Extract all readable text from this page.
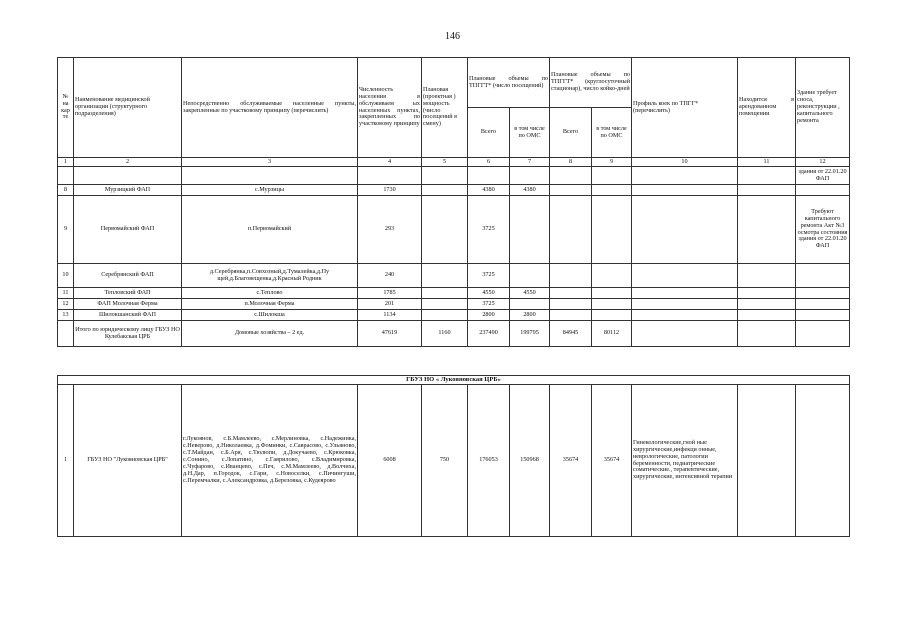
146
№ на кар те	Наименование медицинской организации (структурного подразделения)	Непосредственно обслуживаемые населенные пункты, закрепленные по участковому принципу (перечислить)	Численность населения в обслуживаем ых населенных пунктах, закрепленных по участковому принципу	Плановая (проектная ) мощность (число посещений в смену)	Плановые объемы по ТПГГТ* (число посещений)		Плановые объемы по ТПГГТ* (круглосуточный стационар), число койко-дней		Профиль коек по ТПГГ* (перечислить)	Находится в арендованном помещении	Здание требует сноса, реконструкции , капитального ремонта
					Всего	в том числе по ОМС	Всего	в том числе по ОМС			
1	2	3	4	5	6	7	8	9	10	11	12
											здания от 22.01.20 ФАП
8	Мурзицкий ФАП	с.Мурзицы	1730		4380	4380					
9	Первомайский ФАП	п.Первомайский	293		3725						Требуют капитального ремонта Акт №3 осмотра состояния здания от 22.01.20 ФАП
10	Серебрянский ФАП	д.Серебрянка,п.Совхозный,д.Тумалейка,д.Пу щей,д.Благовещенка,д.Красный Родник	240		3725						
11	Тепловский ФАП	с.Теплово	1785		4550	4550					
12	ФАП Молочная Ферма	п.Молочная Ферма	201		3725						
13	Шилокшанский ФАП	с.Шилокша	1134		2800	2800					
	Итого по юридическому лицу ГБУЗ НО Кулебакская ЦРБ	Домовые хозяйства – 2 ед.	47619	1160	237490	199795	84945	80112			
ГБУЗ НО « Лукояновская ЦРБ»
1	ГБУЗ НО "Лукояновская ЦРБ"	г.Лукоянов, с.Б.Мамлеево, с.Мерлиновка, с.Надежинка, с.Неверово, д.Николаевка, д.Фоминки, с.Саврасово, с.Ульяново, с.Т.Майдан, с.Б.Аря, с.Тюлюпи, д.Докучаево, с.Крюковка, с.Сонино, с.Лопатино, с.Гаврилово, с.Владимировка, с.Чуфарово, с.Иванцево, с.Печ, с.М.Мамлеево, д.Волчиха, д.Н.Дар, п.Городок, с.Гари, с.Новоселки, с.Пичингуши, с.Перемчалки, с.Александровка, д.Березовка, с.Кудеярово	6008	750	176053	150968	35674	35674	Гинекологические,гной ные хирургические,инфекци онные, неврологические, патологии беременности, педиатрические соматические., терапевтические, хирургические, интенсивной терапии		
